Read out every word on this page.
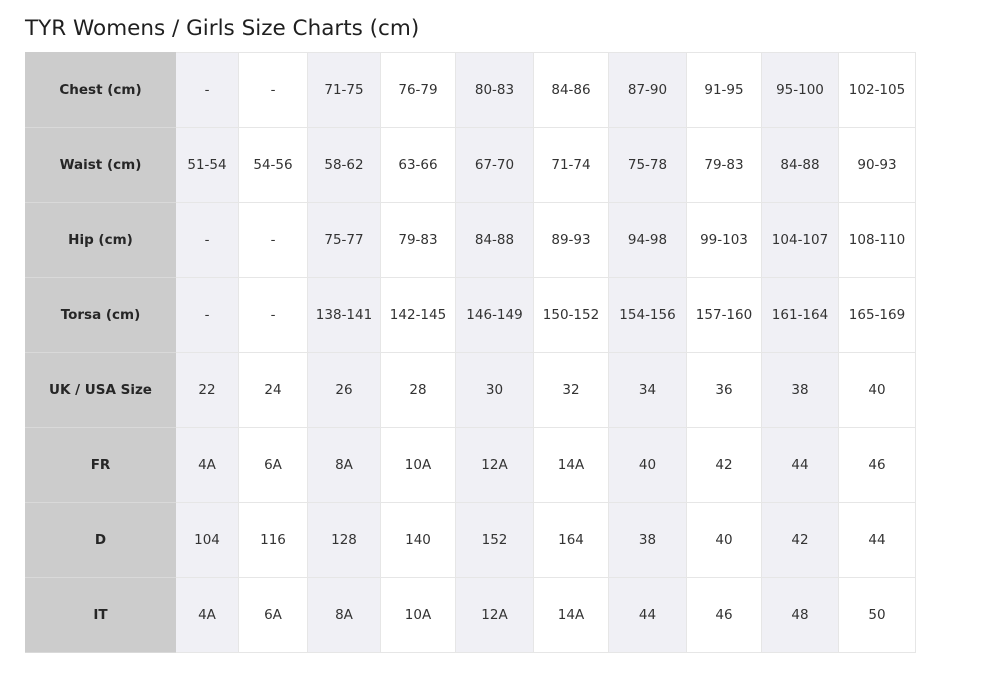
TYR Womens / Girls Size Charts (cm)
Chest (cm)	-	-	71-75	76-79	80-83	84-86	87-90	91-95	95-100	102-105
Waist (cm)	51-54	54-56	58-62	63-66	67-70	71-74	75-78	79-83	84-88	90-93
Hip (cm)	-	-	75-77	79-83	84-88	89-93	94-98	99-103	104-107	108-110
Torsa (cm)	-	-	138-141	142-145	146-149	150-152	154-156	157-160	161-164	165-169
UK / USA Size	22	24	26	28	30	32	34	36	38	40
FR	4A	6A	8A	10A	12A	14A	40	42	44	46
D	104	116	128	140	152	164	38	40	42	44
IT	4A	6A	8A	10A	12A	14A	44	46	48	50
